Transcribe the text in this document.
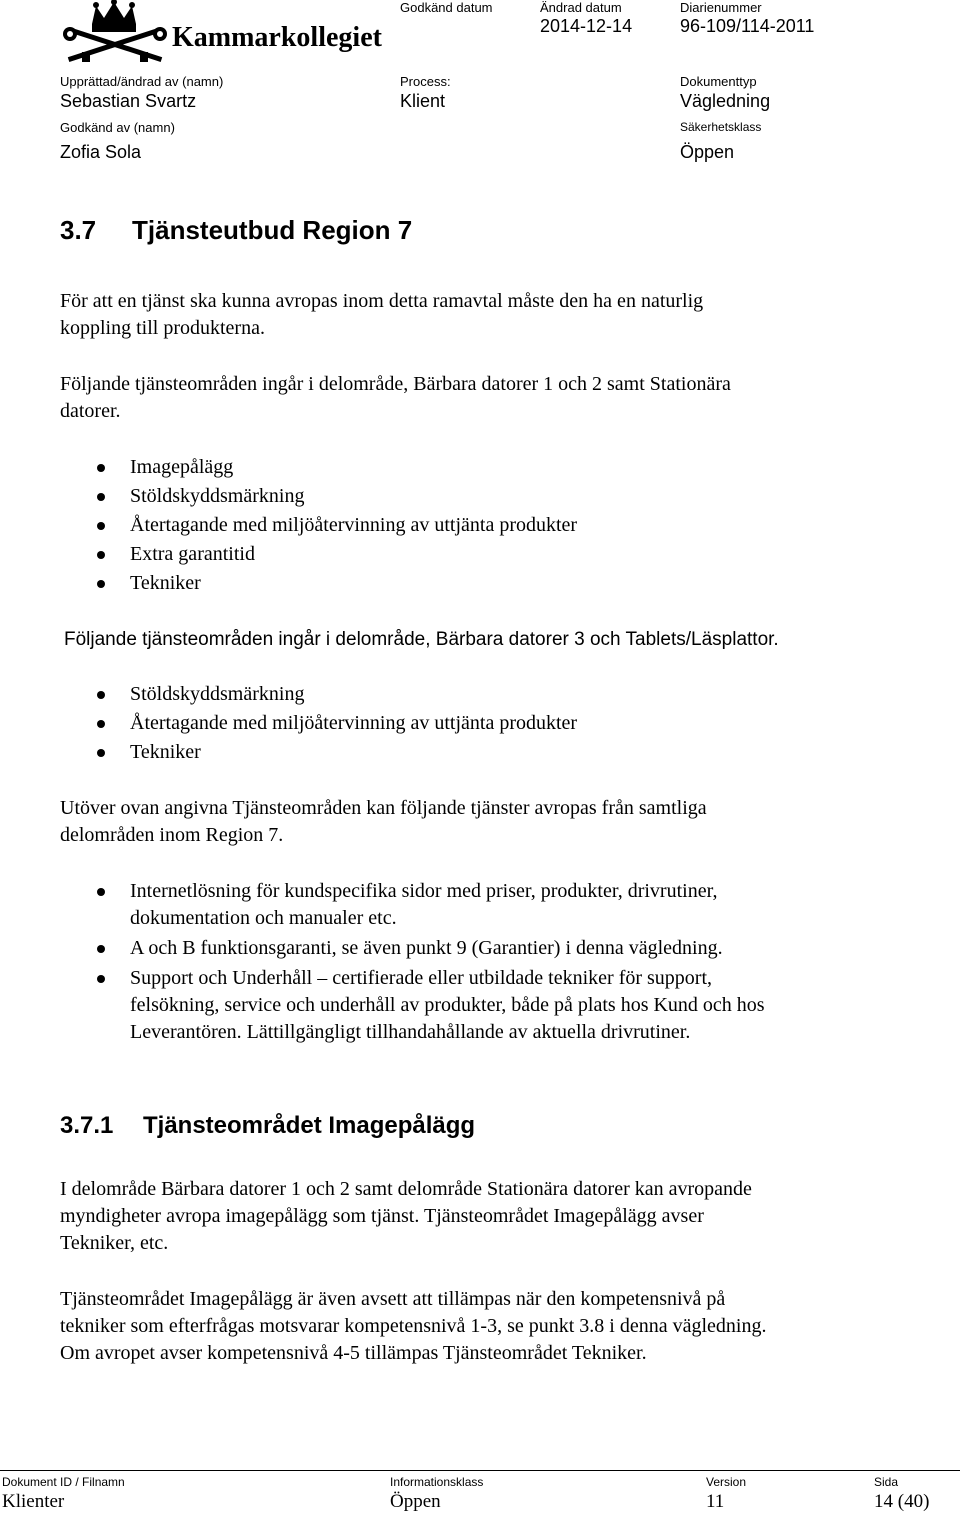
Kammarkollegiet
Godkänd datum	Ändrad datum
2014-12-14
Diarienummer
96-109/114-2011
Upprättad/ändrad av (namn)
Sebastian Svartz
Process:
Klient
Dokumenttyp
Vägledning
Godkänd av (namn)
Zofia Sola
Säkerhetsklass
Öppen
3.7 Tjänsteutbud Region 7
För att en tjänst ska kunna avropas inom detta ramavtal måste den ha en naturlig
koppling till produkterna.
Följande tjänsteområden ingår i delområde, Bärbara datorer 1 och 2 samt Stationära
datorer.
Imagepålägg
Stöldskyddsmärkning
Återtagande med miljöåtervinning av uttjänta produkter
Extra garantitid
Tekniker
Följande tjänsteområden ingår i delområde, Bärbara datorer 3 och Tablets/Läsplattor.
Stöldskyddsmärkning
Återtagande med miljöåtervinning av uttjänta produkter
Tekniker
Utöver ovan angivna Tjänsteområden kan följande tjänster avropas från samtliga
delområden inom Region 7.
Internetlösning för kundspecifika sidor med priser, produkter, drivrutiner,
dokumentation och manualer etc.
A och B funktionsgaranti, se även punkt 9 (Garantier) i denna vägledning.
Support och Underhåll – certifierade eller utbildade tekniker för support,
felsökning, service och underhåll av produkter, både på plats hos Kund och hos
Leverantören. Lättillgängligt tillhandahållande av aktuella drivrutiner.
3.7.1 Tjänsteområdet Imagepålägg
I delområde Bärbara datorer 1 och 2 samt delområde Stationära datorer kan avropande
myndigheter avropa imagepålägg som tjänst. Tjänsteområdet Imagepålägg avser
Tekniker, etc.
Tjänsteområdet Imagepålägg är även avsett att tillämpas när den kompetensnivå på
tekniker som efterfrågas motsvarar kompetensnivå 1-3, se punkt 3.8 i denna vägledning.
Om avropet avser kompetensnivå 4-5 tillämpas Tjänsteområdet Tekniker.
Dokument ID / Filnamn
Klienter
Informationsklass
Öppen
Version
11
Sida
14 (40)
